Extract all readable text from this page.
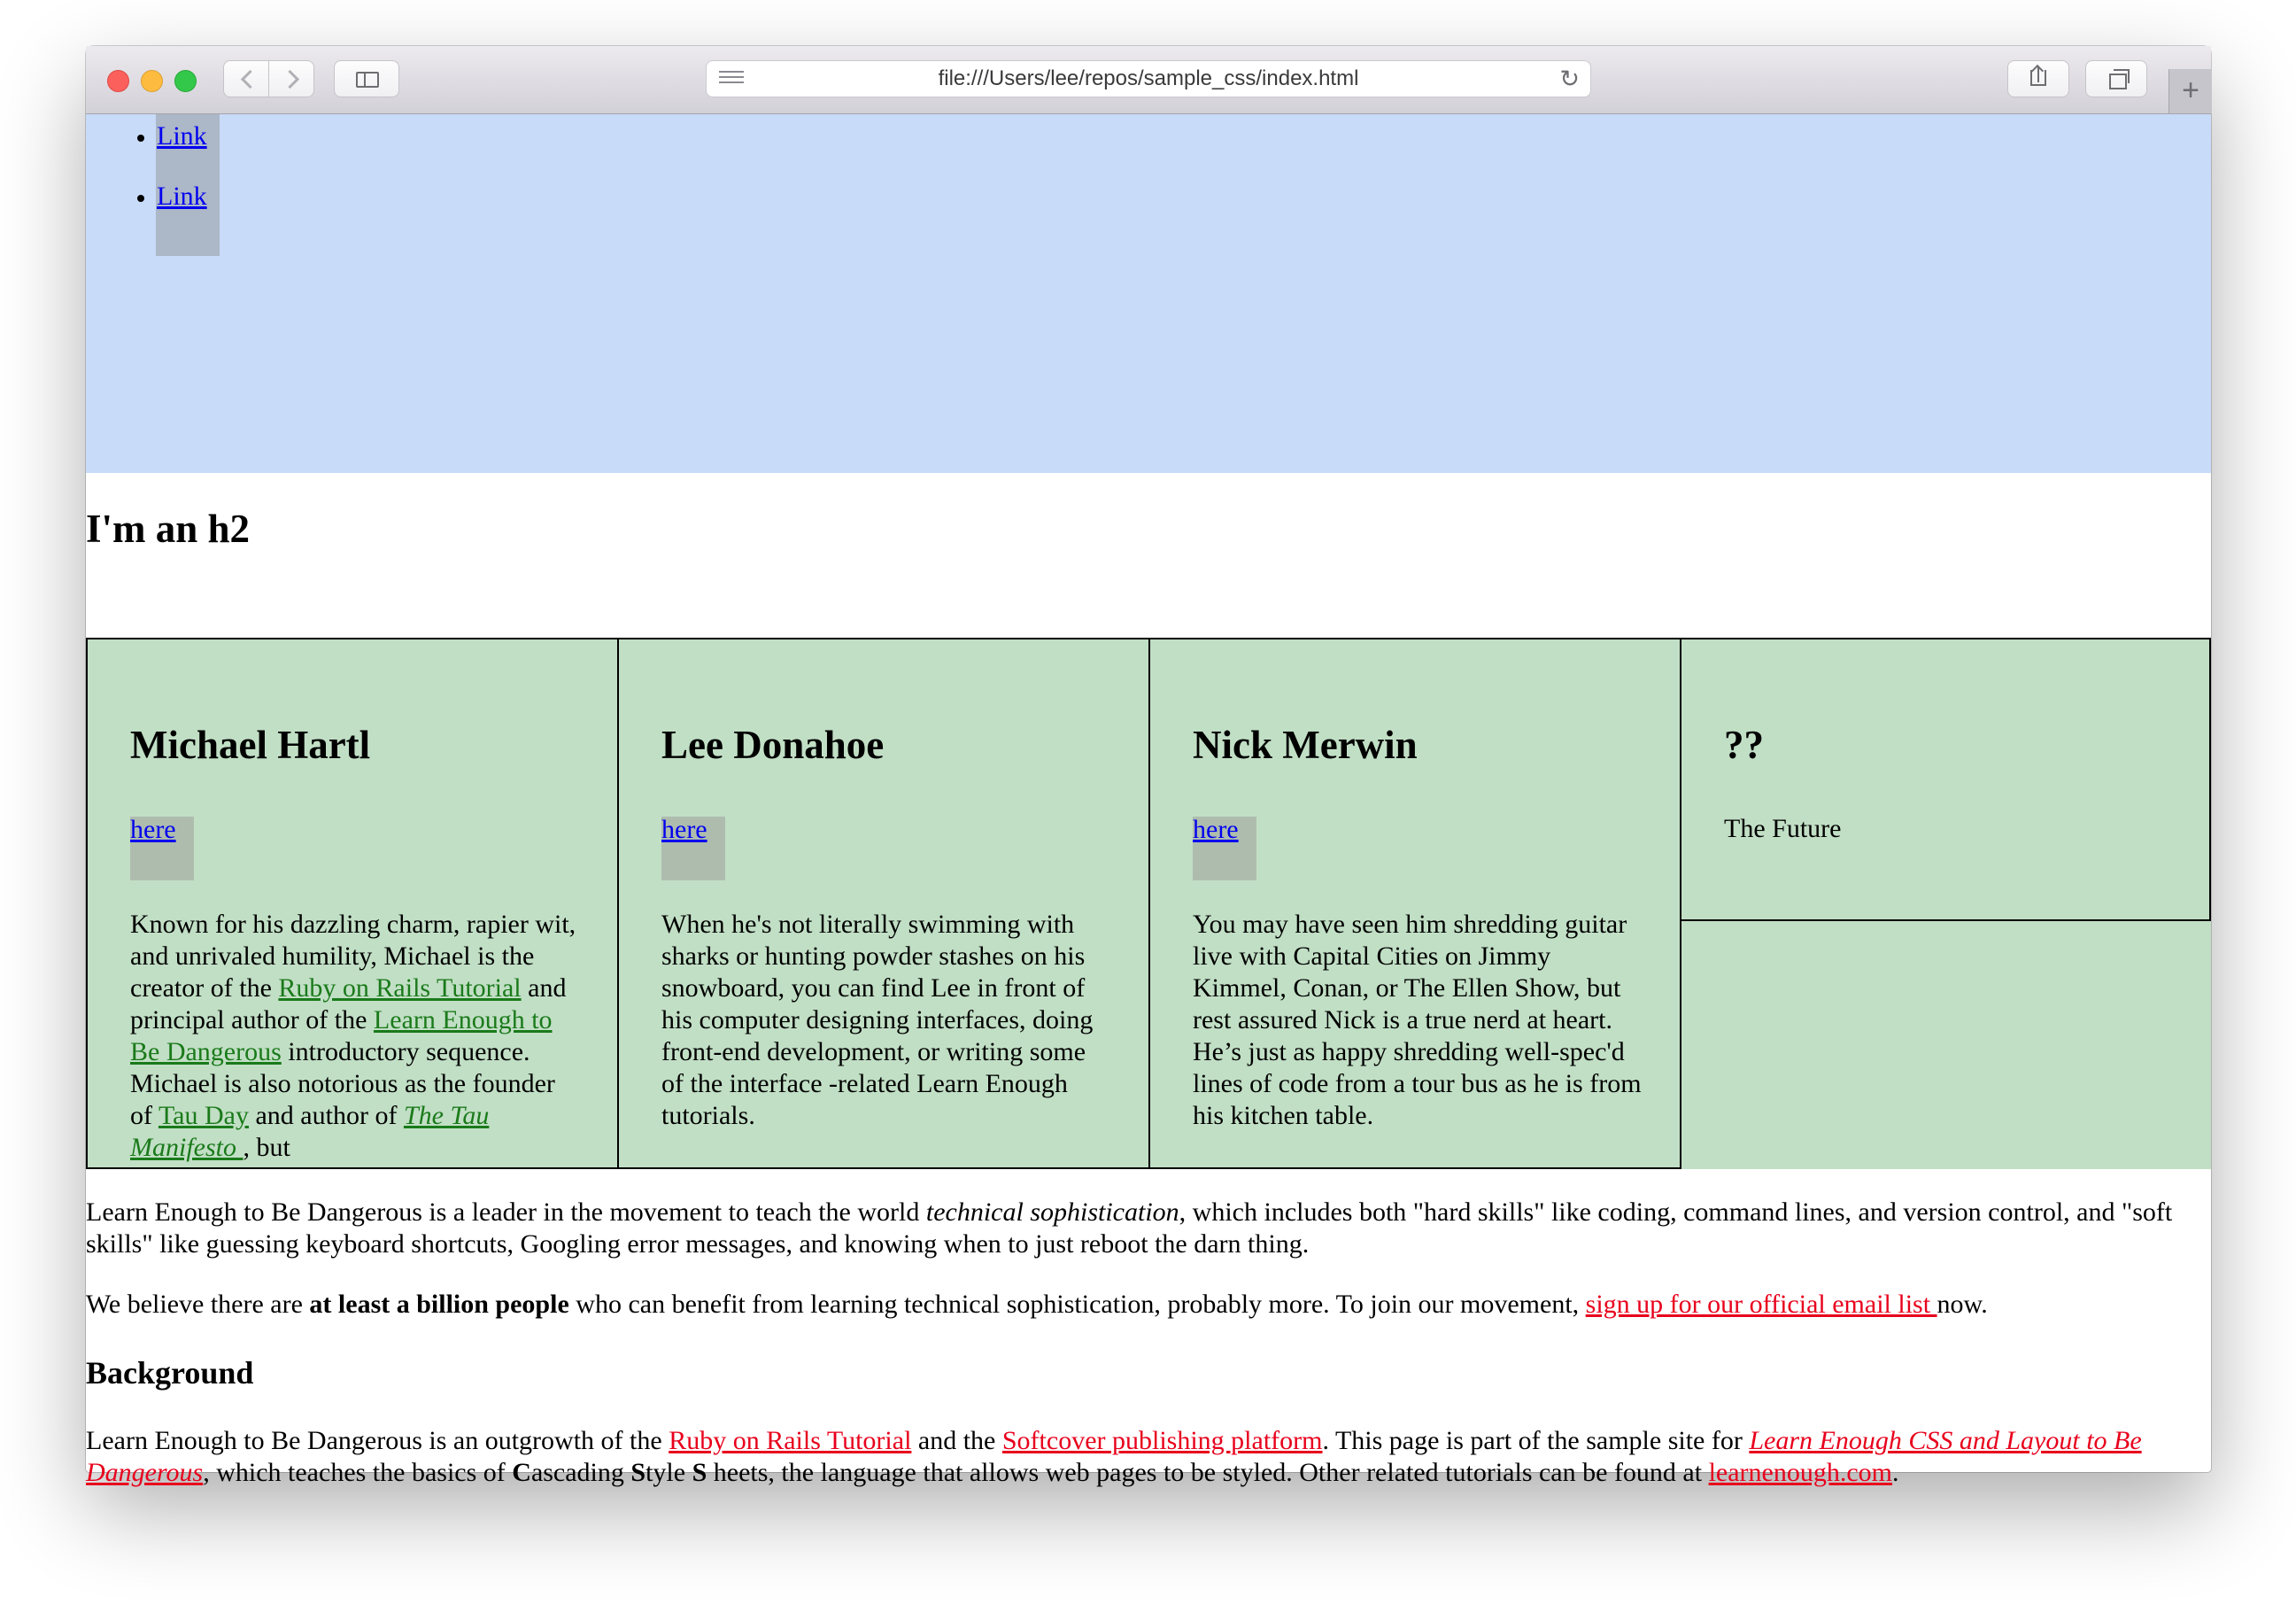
file:///Users/lee/repos/sample_css/index.html	↻	+
• Link
• Link
I'm an h2
Michael Hartl
here
Known for his dazzling charm, rapier wit, and unrivaled humility, Michael is the creator of the Ruby on Rails Tutorial and principal author of the Learn Enough to Be Dangerous introductory sequence. Michael is also notorious as the founder of Tau Day and author of The Tau Manifesto , but
Lee Donahoe
here
When he's not literally swimming with sharks or hunting powder stashes on his snowboard, you can find Lee in front of his computer designing interfaces, doing front-end development, or writing some of the interface -related Learn Enough tutorials.
Nick Merwin
here
You may have seen him shredding guitar live with Capital Cities on Jimmy Kimmel, Conan, or The Ellen Show, but rest assured Nick is a true nerd at heart. He’s just as happy shredding well-spec'd lines of code from a tour bus as he is from his kitchen table.
??
The Future

Learn Enough to Be Dangerous is a leader in the movement to teach the world technical sophistication, which includes both "hard skills" like coding, command lines, and version control, and "soft skills" like guessing keyboard shortcuts, Googling error messages, and knowing when to just reboot the darn thing.

We believe there are at least a billion people who can benefit from learning technical sophistication, probably more. To join our movement, sign up for our official email list now.

Background

Learn Enough to Be Dangerous is an outgrowth of the Ruby on Rails Tutorial and the Softcover publishing platform. This page is part of the sample site for Learn Enough CSS and Layout to Be Dangerous, which teaches the basics of Cascading Style S heets, the language that allows web pages to be styled. Other related tutorials can be found at learnenough.com.
